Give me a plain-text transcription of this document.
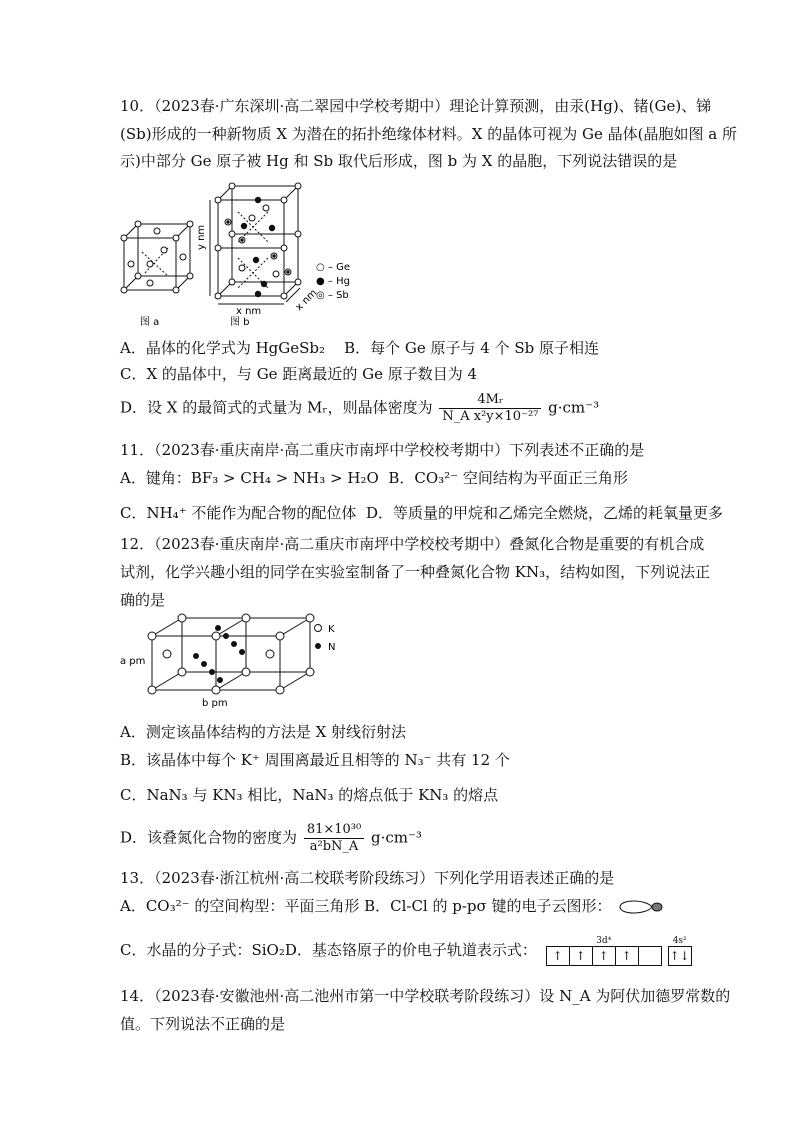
10．（2023春·广东深圳·高二翠园中学校考期中）理论计算预测，由汞(Hg)、锗(Ge)、锑
(Sb)形成的一种新物质 X 为潜在的拓扑绝缘体材料。X 的晶体可视为 Ge 晶体(晶胞如图 a 所
示)中部分 Ge 原子被 Hg 和 Sb 取代后形成，图 b 为 X 的晶胞，下列说法错误的是
图 a
y nm
x nm	x nm
图 b
○ – Ge
● – Hg
◎ – Sb
A．晶体的化学式为 HgGeSb₂ B．每个 Ge 原子与 4 个 Sb 原子相连
C．X 的晶体中，与 Ge 距离最近的 Ge 原子数目为 4
D．设 X 的最简式的式量为 Mᵣ，则晶体密度为 $\frac{\text{4Mᵣ}}{\text{N\_A x²y×10⁻²⁷}} g\cdot cm^{-3}$
11．（2023春·重庆南岸·高二重庆市南坪中学校校考期中）下列表述不正确的是
A．键角：BF₃ > CH₄ > NH₃ > H₂O B．CO₃²⁻ 空间结构为平面正三角形
C．NH₄⁺ 不能作为配合物的配位体 D．等质量的甲烷和乙烯完全燃烧，乙烯的耗氧量更多
12．（2023春·重庆南岸·高二重庆市南坪中学校校考期中）叠氮化合物是重要的有机合成
试剂，化学兴趣小组的同学在实验室制备了一种叠氮化合物 KN₃，结构如图，下列说法正
确的是
a pm
b pm
K
N
A．测定该晶体结构的方法是 X 射线衍射法
B．该晶体中每个 K⁺ 周围离最近且相等的 N₃⁻ 共有 12 个
C．NaN₃ 与 KN₃ 相比，NaN₃ 的熔点低于 KN₃ 的熔点
D．该叠氮化合物的密度为 $\frac{\text{81×10³⁰}}{\text{a²bN\_A}} g\cdot cm^{-3}$
13．（2023春·浙江杭州·高二校联考阶段练习）下列化学用语表述正确的是
A．CO₃²⁻ 的空间构型：平面三角形 B．Cl-Cl 的 p-pσ 键的电子云图形：
C．水晶的分子式：SiO₂D．基态铬原子的价电子轨道表示式：	3d⁴
↑	↑	↑	↑
4s²
↑↓
14．（2023春·安徽池州·高二池州市第一中学校联考阶段练习）设 N_A 为阿伏加德罗常数的
值。下列说法不正确的是
